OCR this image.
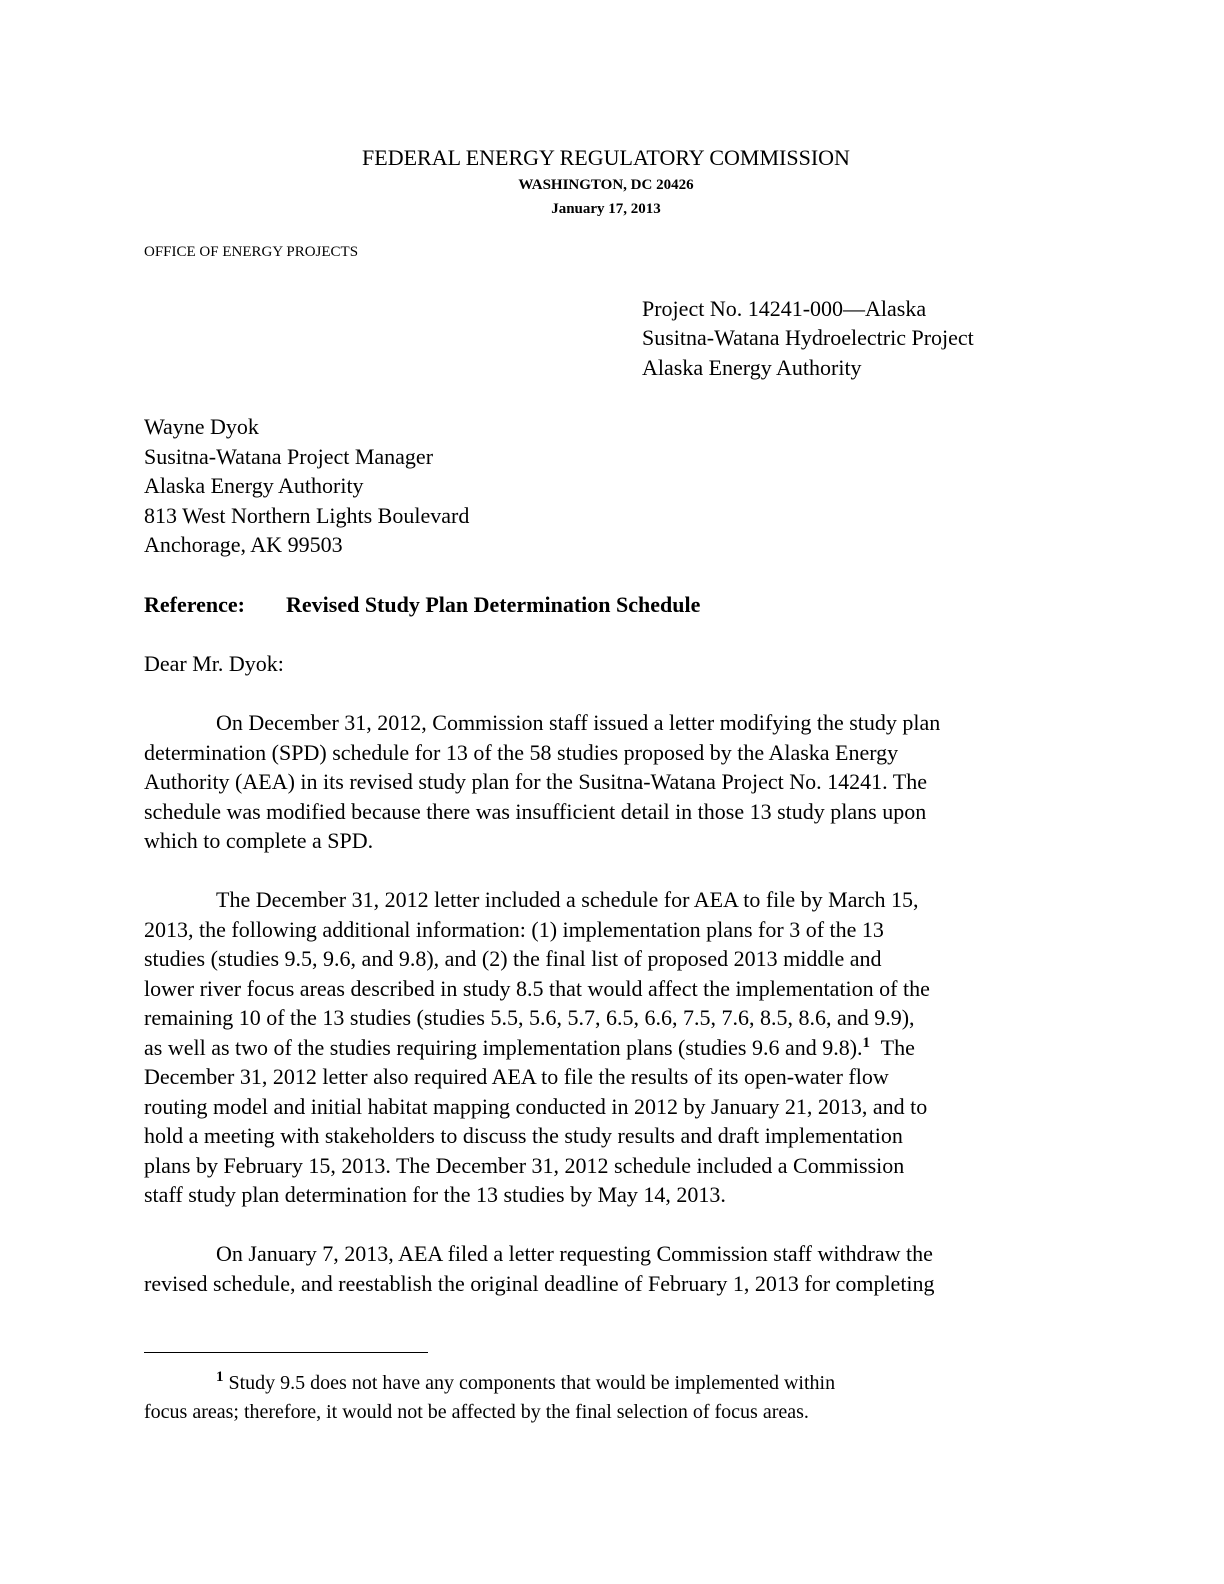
FEDERAL ENERGY REGULATORY COMMISSION
WASHINGTON, DC 20426
January 17, 2013
OFFICE OF ENERGY PROJECTS
Project No. 14241-000—Alaska
Susitna-Watana Hydroelectric Project
Alaska Energy Authority
Wayne Dyok
Susitna-Watana Project Manager
Alaska Energy Authority
813 West Northern Lights Boulevard
Anchorage, AK 99503
Reference: Revised Study Plan Determination Schedule
Dear Mr. Dyok:
On December 31, 2012, Commission staff issued a letter modifying the study plan
determination (SPD) schedule for 13 of the 58 studies proposed by the Alaska Energy
Authority (AEA) in its revised study plan for the Susitna-Watana Project No. 14241. The
schedule was modified because there was insufficient detail in those 13 study plans upon
which to complete a SPD.
The December 31, 2012 letter included a schedule for AEA to file by March 15,
2013, the following additional information: (1) implementation plans for 3 of the 13
studies (studies 9.5, 9.6, and 9.8), and (2) the final list of proposed 2013 middle and
lower river focus areas described in study 8.5 that would affect the implementation of the
remaining 10 of the 13 studies (studies 5.5, 5.6, 5.7, 6.5, 6.6, 7.5, 7.6, 8.5, 8.6, and 9.9),
as well as two of the studies requiring implementation plans (studies 9.6 and 9.8).$^1$  The
December 31, 2012 letter also required AEA to file the results of its open-water flow
routing model and initial habitat mapping conducted in 2012 by January 21, 2013, and to
hold a meeting with stakeholders to discuss the study results and draft implementation
plans by February 15, 2013. The December 31, 2012 schedule included a Commission
staff study plan determination for the 13 studies by May 14, 2013.
On January 7, 2013, AEA filed a letter requesting Commission staff withdraw the
revised schedule, and reestablish the original deadline of February 1, 2013 for completing
$^1$ Study 9.5 does not have any components that would be implemented within
focus areas; therefore, it would not be affected by the final selection of focus areas.
